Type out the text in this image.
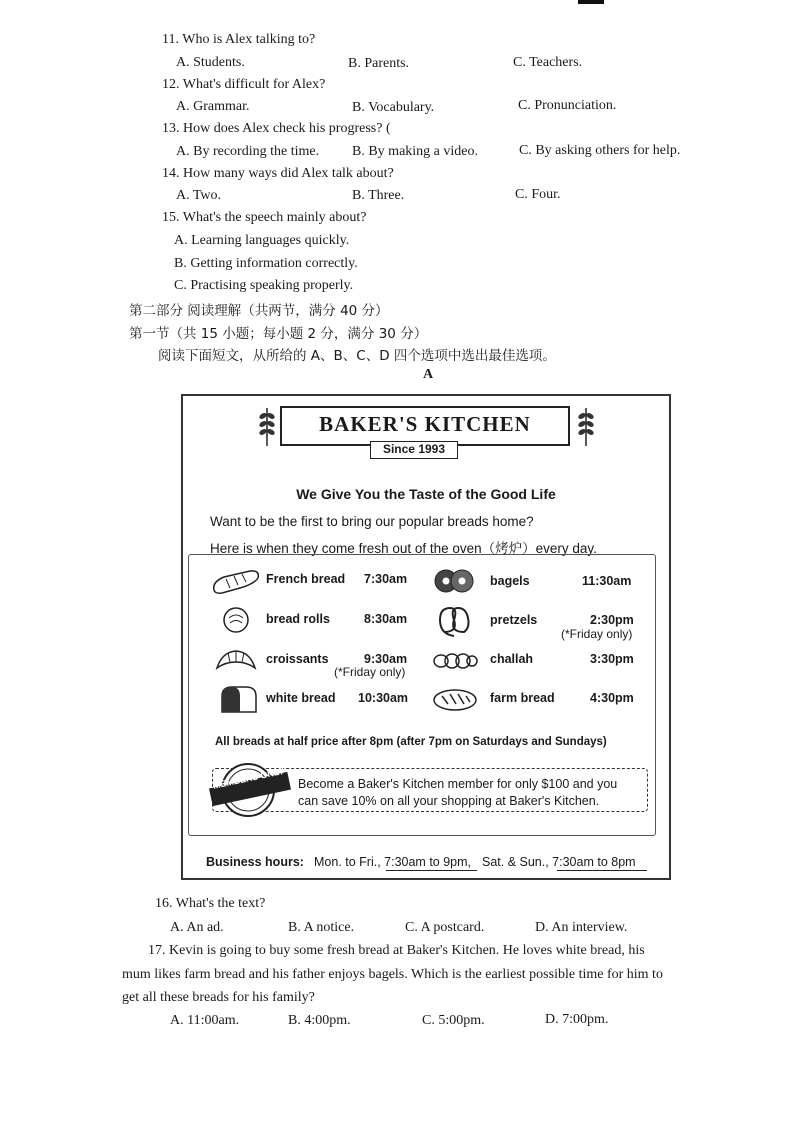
11. Who is Alex talking to?
A. Students.	B. Parents.	C. Teachers.
12. What's difficult for Alex?
A. Grammar.	B. Vocabulary.	C. Pronunciation.
13. How does Alex check his progress? (
A. By recording the time. B. By making a video.	C. By asking others for help.
14. How many ways did Alex talk about?
A. Two.	B. Three.	C. Four.
15. What's the speech mainly about?
A. Learning languages quickly.
B. Getting information correctly.
C. Practising speaking properly.
第二部分 阅读理解（共两节，满分 40 分）
第一节（共 15 小题；每小题 2 分，满分 30 分）
阅读下面短文，从所给的 A、B、C、D 四个选项中选出最佳选项。
A
BAKER'S KITCHEN
Since 1993
We Give You the Taste of the Good Life
Want to be the first to bring our popular breads home?
Here is when they come fresh out of the oven（烤炉）every day.
French bread 7:30am
bread rolls	8:30am
croissants	9:30am
(*Friday only)
white bread 10:30am
bagels	11:30am
pretzels	2:30pm
(*Friday only)
challah	3:30pm
farm bread	4:30pm
All breads at half price after 8pm (after 7pm on Saturdays and Sundays)
MEMBERS ONLY Become a Baker's Kitchen member for only $100 and you
can save 10% on all your shopping at Baker's Kitchen.
Business hours: Mon. to Fri., 7:30am to 9pm, Sat. & Sun., 7:30am to 8pm
16. What's the text?
A. An ad.	B. A notice.	C. A postcard.	D. An interview.
17. Kevin is going to buy some fresh bread at Baker's Kitchen. He loves white bread, his
mum likes farm bread and his father enjoys bagels. Which is the earliest possible time for him to
get all these breads for his family?
A. 11:00am.	B. 4:00pm.	C. 5:00pm.	D. 7:00pm.
